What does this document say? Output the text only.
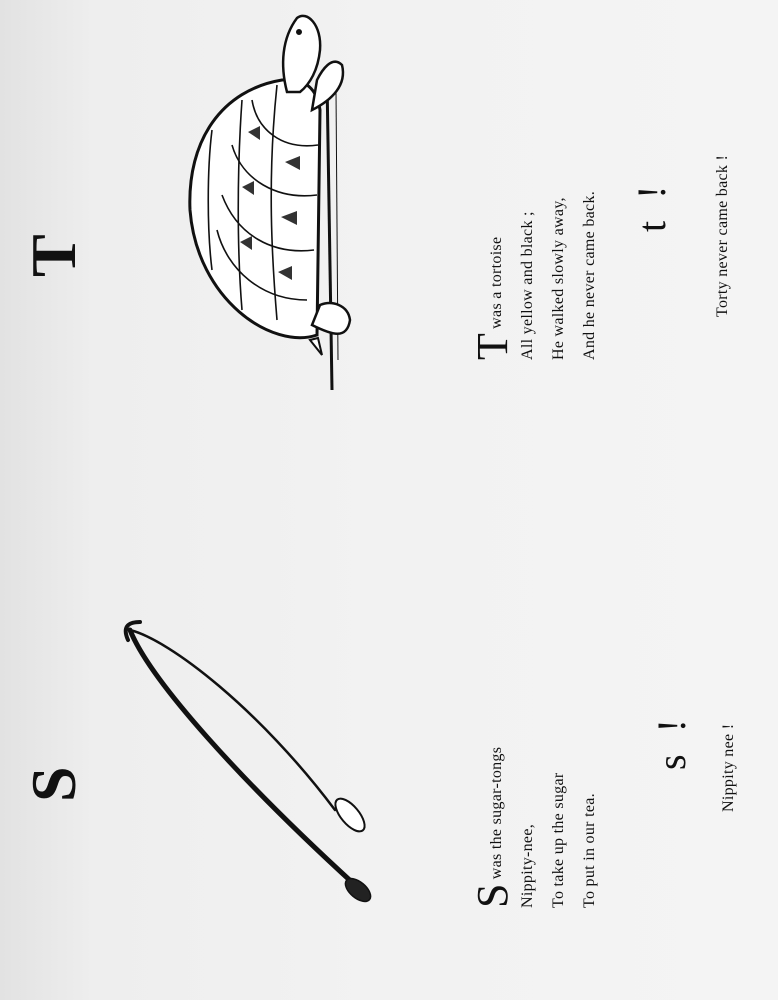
S
Swas the sugar-tongs Nippity-nee, To take up the sugar To put in our tea.
s ! Nippity nee !
T
Twas a tortoise All yellow and black ; He walked slowly away, And he never came back. t !	Torty never came back !
